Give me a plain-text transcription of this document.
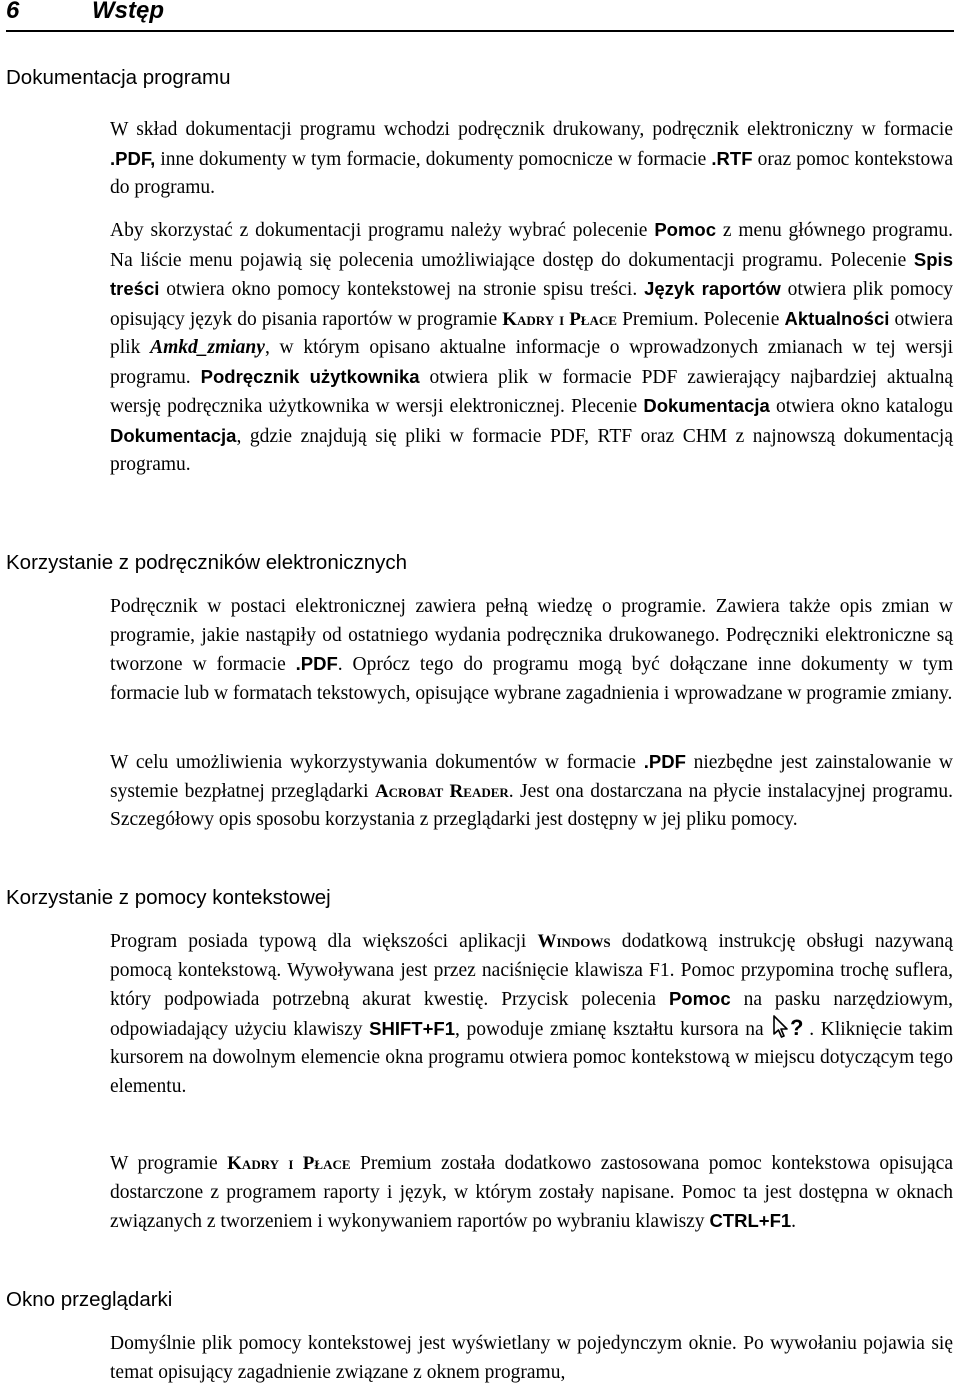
6	Wstęp
Dokumentacja programu

W skład dokumentacji programu wchodzi podręcznik drukowany, podręcznik elektroniczny w formacie .PDF, inne dokumenty w tym formacie, dokumenty pomocnicze w formacie .RTF oraz pomoc kontekstowa do programu.

Aby skorzystać z dokumentacji programu należy wybrać polecenie Pomoc z menu głównego programu. Na liście menu pojawią się polecenia umożliwiające dostęp do dokumentacji programu. Polecenie Spis treści otwiera okno pomocy kontekstowej na stronie spisu treści. Język raportów otwiera plik pomocy opisujący język do pisania raportów w programie Kadry i Płace Premium. Polecenie Aktualności otwiera plik Amkd_zmiany, w którym opisano aktualne informacje o wprowadzonych zmianach w tej wersji programu. Podręcznik użytkownika otwiera plik w formacie PDF zawierający najbardziej aktualną wersję podręcznika użytkownika w wersji elektronicznej. Plecenie Dokumentacja otwiera okno katalogu Dokumentacja, gdzie znajdują się pliki w formacie PDF, RTF oraz CHM z najnowszą dokumentacją programu.

Korzystanie z podręczników elektronicznych

Podręcznik w postaci elektronicznej zawiera pełną wiedzę o programie. Zawiera także opis zmian w programie, jakie nastąpiły od ostatniego wydania podręcznika drukowanego. Podręczniki elektroniczne są tworzone w formacie .PDF. Oprócz tego do programu mogą być dołączane inne dokumenty w tym formacie lub w formatach tekstowych, opisujące wybrane zagadnienia i wprowadzane w programie zmiany.

W celu umożliwienia wykorzystywania dokumentów w formacie .PDF niezbędne jest zainstalowanie w systemie bezpłatnej przeglądarki Acrobat Reader. Jest ona dostarczana na płycie instalacyjnej programu. Szczegółowy opis sposobu korzystania z przeglądarki jest dostępny w jej pliku pomocy.

Korzystanie z pomocy kontekstowej

Program posiada typową dla większości aplikacji Windows dodatkową instrukcję obsługi nazywaną pomocą kontekstową. Wywoływana jest przez naciśnięcie klawisza F1. Pomoc przypomina trochę suflera, który podpowiada potrzebną akurat kwestię. Przycisk polecenia Pomoc na pasku narzędziowym, odpowiadający użyciu klawiszy SHIFT+F1, powoduje zmianę kształtu kursora na ? . Kliknięcie takim kursorem na dowolnym elemencie okna programu otwiera pomoc kontekstową w miejscu dotyczącym tego elementu.

W programie Kadry i Płace Premium została dodatkowo zastosowana pomoc kontekstowa opisująca dostarczone z programem raporty i język, w którym zostały napisane. Pomoc ta jest dostępna w oknach związanych z tworzeniem i wykonywaniem raportów po wybraniu klawiszy CTRL+F1.

Okno przeglądarki

Domyślnie plik pomocy kontekstowej jest wyświetlany w pojedynczym oknie. Po wywołaniu pojawia się temat opisujący zagadnienie związane z oknem programu,
